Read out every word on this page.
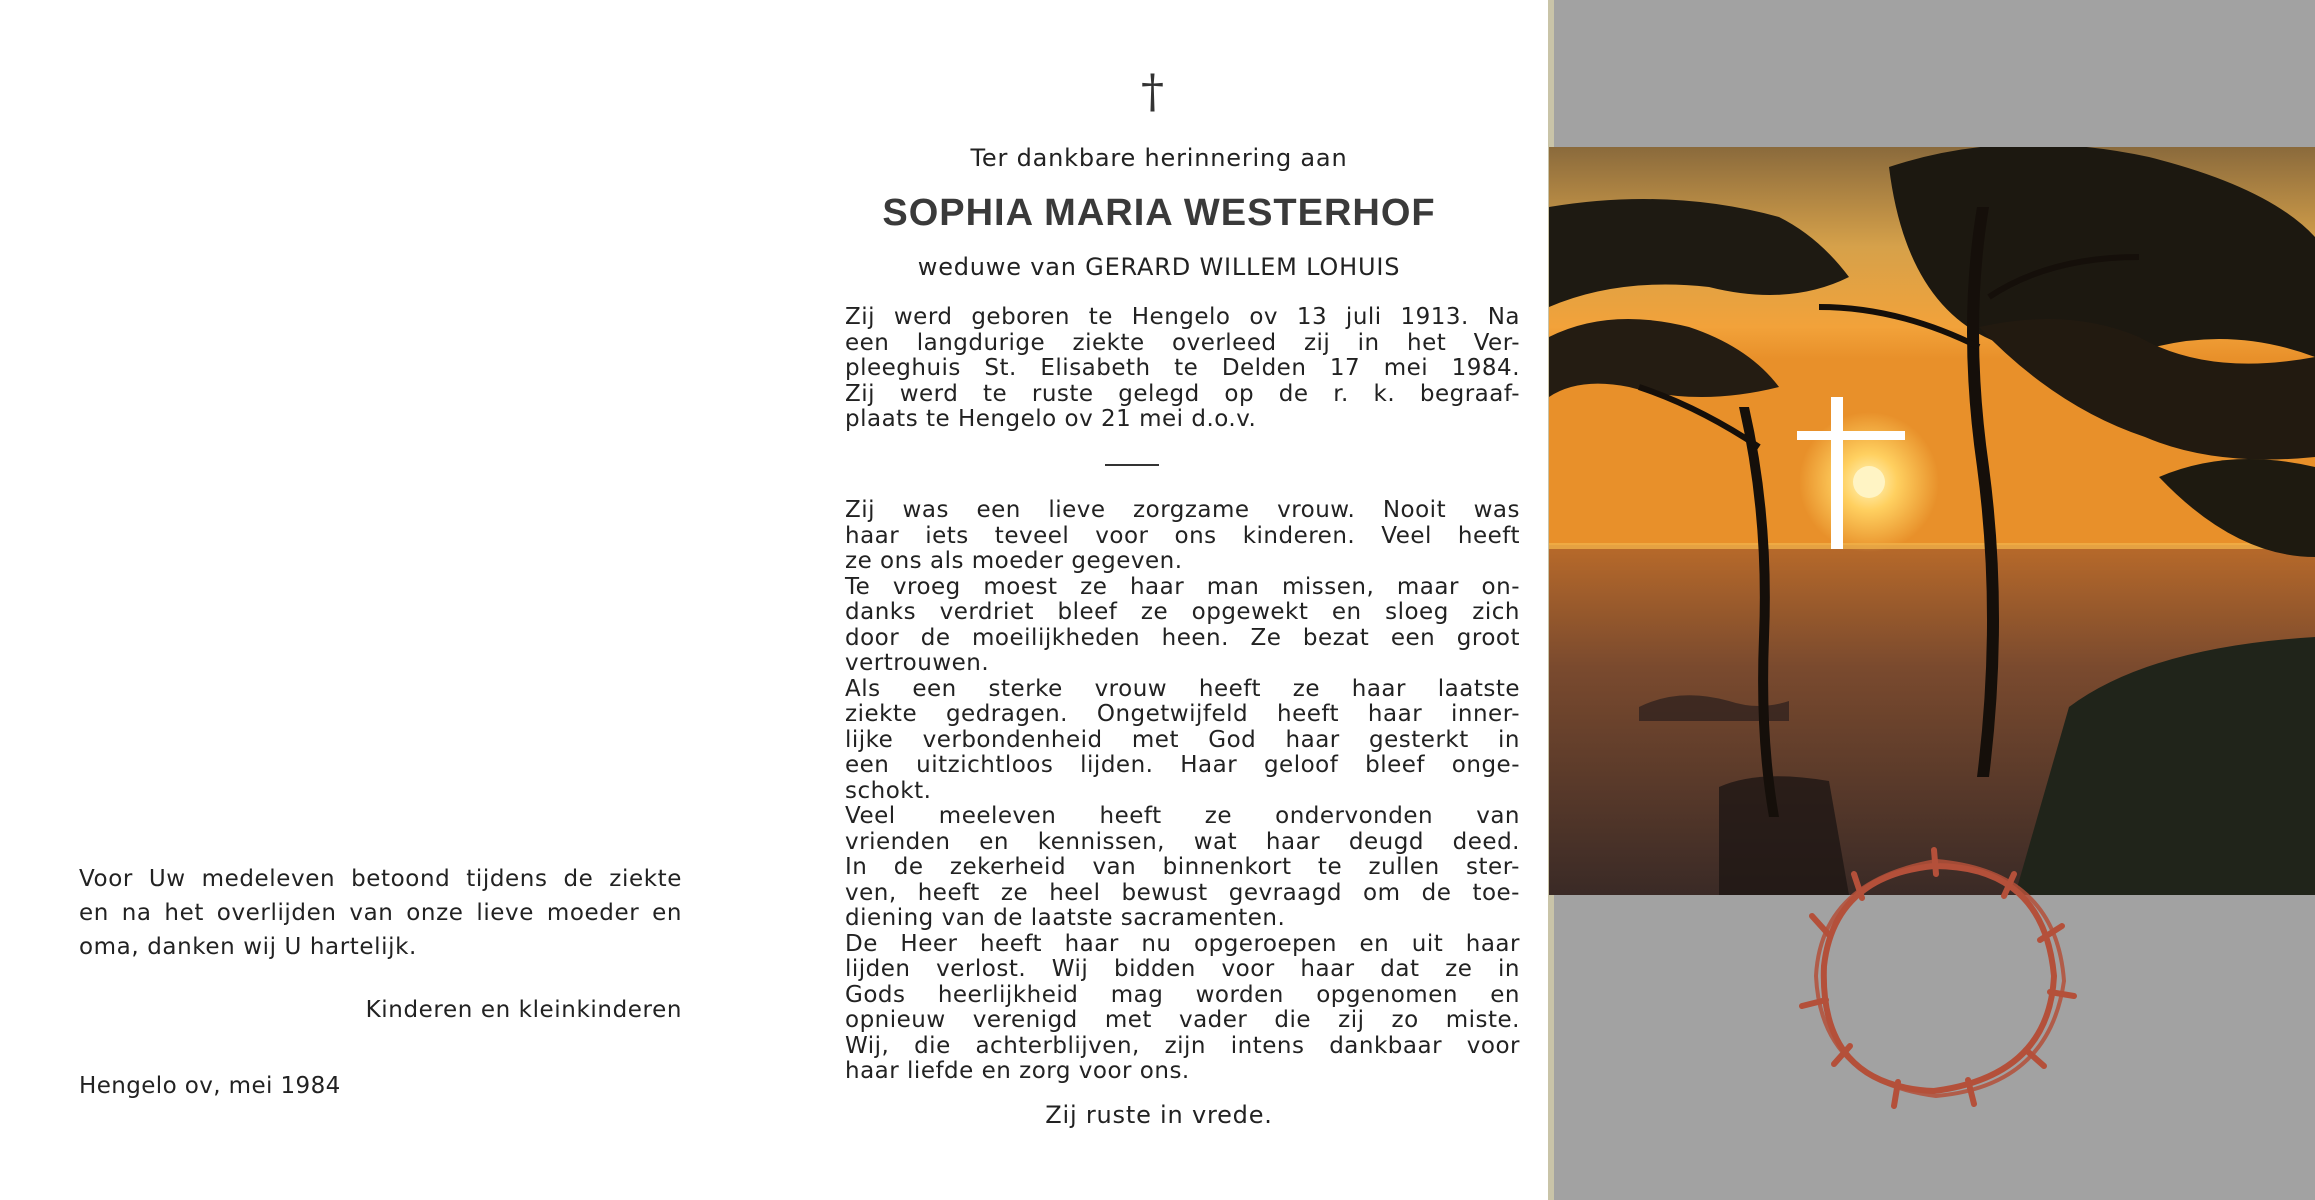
Voor Uw medeleven betoond tijdens de ziekte
en na het overlijden van onze lieve moeder en
oma, danken wij U hartelijk.
Kinderen en kleinkinderen
Hengelo ov, mei 1984
†
Ter dankbare herinnering aan
SOPHIA MARIA WESTERHOF
weduwe van GERARD WILLEM LOHUIS
Zij werd geboren te Hengelo ov 13 juli 1913. Na
een langdurige ziekte overleed zij in het Ver-
pleeghuis St. Elisabeth te Delden 17 mei 1984.
Zij werd te ruste gelegd op de r. k. begraaf-
plaats te Hengelo ov 21 mei d.o.v.
Zij was een lieve zorgzame vrouw. Nooit was
haar iets teveel voor ons kinderen. Veel heeft
ze ons als moeder gegeven.
Te vroeg moest ze haar man missen, maar on-
danks verdriet bleef ze opgewekt en sloeg zich
door de moeilijkheden heen. Ze bezat een groot
vertrouwen.
Als een sterke vrouw heeft ze haar laatste
ziekte gedragen. Ongetwijfeld heeft haar inner-
lijke verbondenheid met God haar gesterkt in
een uitzichtloos lijden. Haar geloof bleef onge-
schokt.
Veel meeleven heeft ze ondervonden van
vrienden en kennissen, wat haar deugd deed.
In de zekerheid van binnenkort te zullen ster-
ven, heeft ze heel bewust gevraagd om de toe-
diening van de laatste sacramenten.
De Heer heeft haar nu opgeroepen en uit haar
lijden verlost. Wij bidden voor haar dat ze in
Gods heerlijkheid mag worden opgenomen en
opnieuw verenigd met vader die zij zo miste.
Wij, die achterblijven, zijn intens dankbaar voor
haar liefde en zorg voor ons.
Zij ruste in vrede.
